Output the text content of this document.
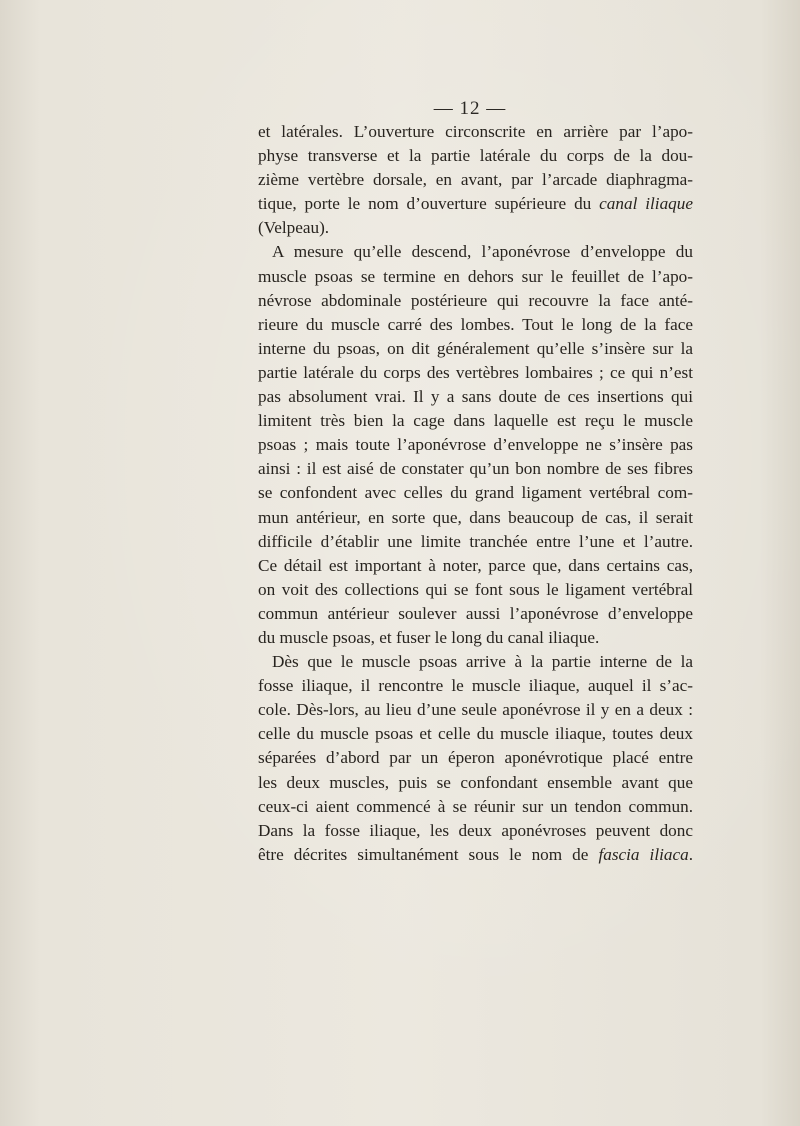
— 12 —
et latérales. L’ouverture circonscrite en arrière par l’apo-
physe transverse et la partie latérale du corps de la dou-
zième vertèbre dorsale, en avant, par l’arcade diaphragma-
tique, porte le nom d’ouverture supérieure du canal iliaque
(Velpeau).
A mesure qu’elle descend, l’aponévrose d’enveloppe du
muscle psoas se termine en dehors sur le feuillet de l’apo-
névrose abdominale postérieure qui recouvre la face anté-
rieure du muscle carré des lombes. Tout le long de la face
interne du psoas, on dit généralement qu’elle s’insère sur la
partie latérale du corps des vertèbres lombaires ; ce qui n’est
pas absolument vrai. Il y a sans doute de ces insertions qui
limitent très bien la cage dans laquelle est reçu le muscle
psoas ; mais toute l’aponévrose d’enveloppe ne s’insère pas
ainsi : il est aisé de constater qu’un bon nombre de ses fibres
se confondent avec celles du grand ligament vertébral com-
mun antérieur, en sorte que, dans beaucoup de cas, il serait
difficile d’établir une limite tranchée entre l’une et l’autre.
Ce détail est important à noter, parce que, dans certains cas,
on voit des collections qui se font sous le ligament vertébral
commun antérieur soulever aussi l’aponévrose d’enveloppe
du muscle psoas, et fuser le long du canal iliaque.
Dès que le muscle psoas arrive à la partie interne de la
fosse iliaque, il rencontre le muscle iliaque, auquel il s’ac-
cole. Dès-lors, au lieu d’une seule aponévrose il y en a deux :
celle du muscle psoas et celle du muscle iliaque, toutes deux
séparées d’abord par un éperon aponévrotique placé entre
les deux muscles, puis se confondant ensemble avant que
ceux-ci aient commencé à se réunir sur un tendon commun.
Dans la fosse iliaque, les deux aponévroses peuvent donc
être décrites simultanément sous le nom de fascia iliaca.
